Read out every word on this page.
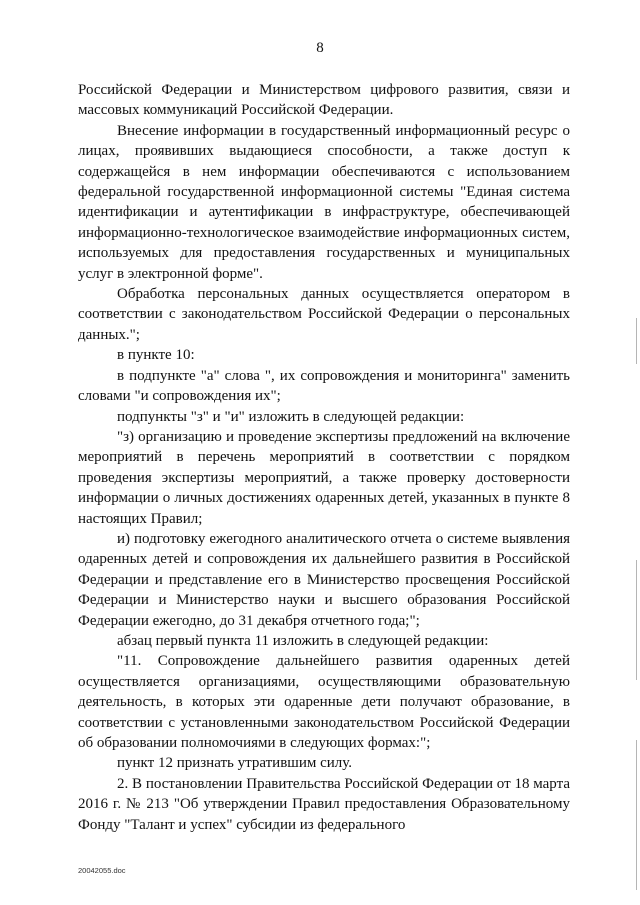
8

Российской Федерации и Министерством цифрового развития, связи и массовых коммуникаций Российской Федерации.

Внесение информации в государственный информационный ресурс о лицах, проявивших выдающиеся способности, а также доступ к содержащейся в нем информации обеспечиваются с использованием федеральной государственной информационной системы "Единая система идентификации и аутентификации в инфраструктуре, обеспечивающей информационно-технологическое взаимодействие информационных систем, используемых для предоставления государственных и муниципальных услуг в электронной форме".

Обработка персональных данных осуществляется оператором в соответствии с законодательством Российской Федерации о персональных данных.";

в пункте 10:

в подпункте "а" слова ", их сопровождения и мониторинга" заменить словами "и сопровождения их";

подпункты "з" и "и" изложить в следующей редакции:

"з) организацию и проведение экспертизы предложений на включение мероприятий в перечень мероприятий в соответствии с порядком проведения экспертизы мероприятий, а также проверку достоверности информации о личных достижениях одаренных детей, указанных в пункте 8 настоящих Правил;

и) подготовку ежегодного аналитического отчета о системе выявления одаренных детей и сопровождения их дальнейшего развития в Российской Федерации и представление его в Министерство просвещения Российской Федерации и Министерство науки и высшего образования Российской Федерации ежегодно, до 31 декабря отчетного года;";

абзац первый пункта 11 изложить в следующей редакции:

"11. Сопровождение дальнейшего развития одаренных детей осуществляется организациями, осуществляющими образовательную деятельность, в которых эти одаренные дети получают образование, в соответствии с установленными законодательством Российской Федерации об образовании полномочиями в следующих формах:";

пункт 12 признать утратившим силу.

2. В постановлении Правительства Российской Федерации от 18 марта 2016 г. № 213 "Об утверждении Правил предоставления Образовательному Фонду "Талант и успех" субсидии из федерального

20042055.doc
